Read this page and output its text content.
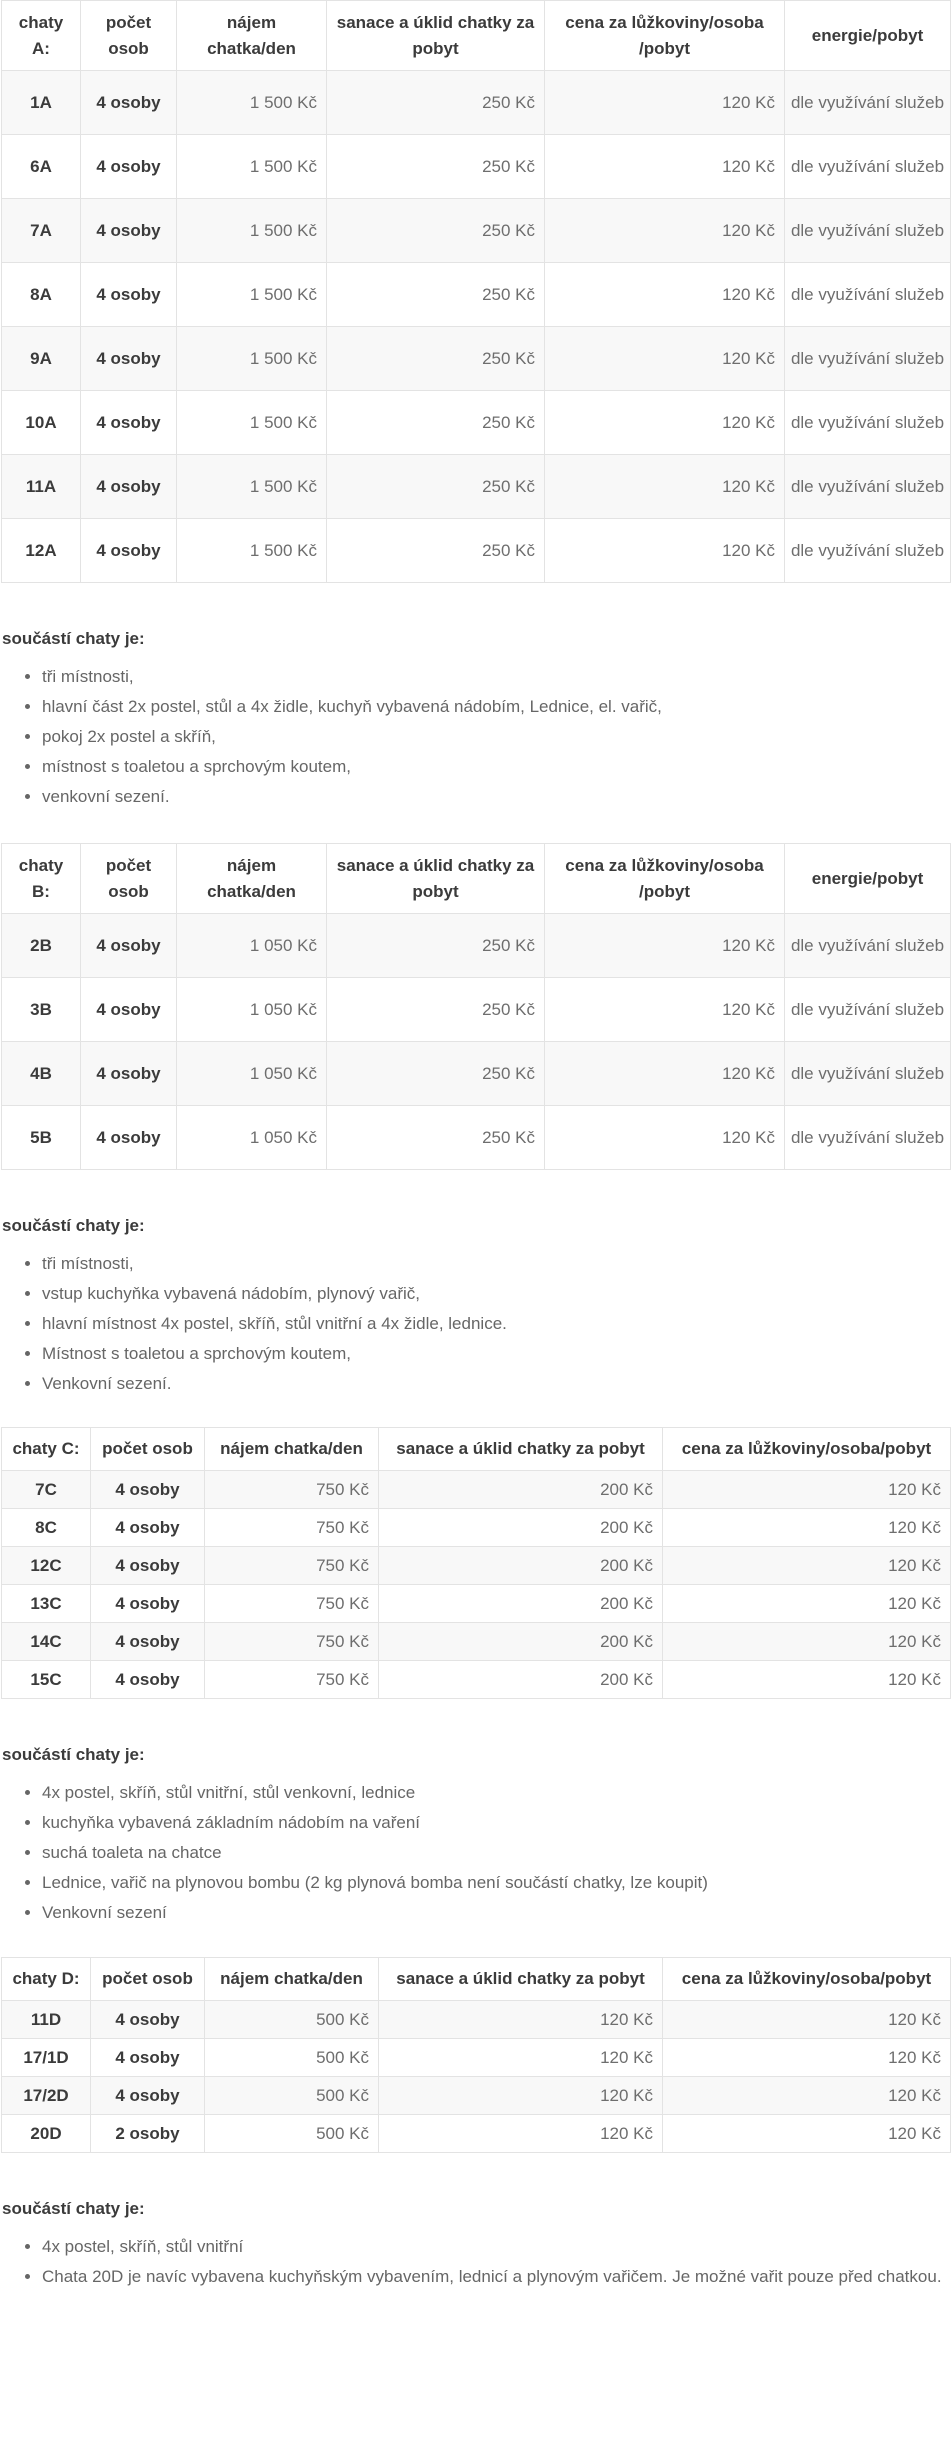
chaty A:	počet osob	nájem chatka/den	sanace a úklid chatky za pobyt	cena za lůžkoviny/osoba /pobyt	energie/pobyt
1A	4 osoby	1 500 Kč	250 Kč	120 Kč	dle využívání služeb
6A	4 osoby	1 500 Kč	250 Kč	120 Kč	dle využívání služeb
7A	4 osoby	1 500 Kč	250 Kč	120 Kč	dle využívání služeb
8A	4 osoby	1 500 Kč	250 Kč	120 Kč	dle využívání služeb
9A	4 osoby	1 500 Kč	250 Kč	120 Kč	dle využívání služeb
10A	4 osoby	1 500 Kč	250 Kč	120 Kč	dle využívání služeb
11A	4 osoby	1 500 Kč	250 Kč	120 Kč	dle využívání služeb
12A	4 osoby	1 500 Kč	250 Kč	120 Kč	dle využívání služeb
součástí chaty je:
• tři místnosti,
• hlavní část 2x postel, stůl a 4x židle, kuchyň vybavená nádobím, Lednice, el. vařič,
• pokoj 2x postel a skříň,
• místnost s toaletou a sprchovým koutem,
• venkovní sezení.
chaty B:	počet osob	nájem chatka/den	sanace a úklid chatky za pobyt	cena za lůžkoviny/osoba /pobyt	energie/pobyt
2B	4 osoby	1 050 Kč	250 Kč	120 Kč	dle využívání služeb
3B	4 osoby	1 050 Kč	250 Kč	120 Kč	dle využívání služeb
4B	4 osoby	1 050 Kč	250 Kč	120 Kč	dle využívání služeb
5B	4 osoby	1 050 Kč	250 Kč	120 Kč	dle využívání služeb
součástí chaty je:
• tři místnosti,
• vstup kuchyňka vybavená nádobím, plynový vařič,
• hlavní místnost 4x postel, skříň, stůl vnitřní a 4x židle, lednice.
• Místnost s toaletou a sprchovým koutem,
• Venkovní sezení.
chaty C:	počet osob	nájem chatka/den	sanace a úklid chatky za pobyt	cena za lůžkoviny/osoba/pobyt
7C	4 osoby	750 Kč	200 Kč	120 Kč
8C	4 osoby	750 Kč	200 Kč	120 Kč
12C	4 osoby	750 Kč	200 Kč	120 Kč
13C	4 osoby	750 Kč	200 Kč	120 Kč
14C	4 osoby	750 Kč	200 Kč	120 Kč
15C	4 osoby	750 Kč	200 Kč	120 Kč
součástí chaty je:
• 4x postel, skříň, stůl vnitřní, stůl venkovní, lednice
• kuchyňka vybavená základním nádobím na vaření
• suchá toaleta na chatce
• Lednice, vařič na plynovou bombu (2 kg plynová bomba není součástí chatky, lze koupit)
• Venkovní sezení
chaty D:	počet osob	nájem chatka/den	sanace a úklid chatky za pobyt	cena za lůžkoviny/osoba/pobyt
11D	4 osoby	500 Kč	120 Kč	120 Kč
17/1D	4 osoby	500 Kč	120 Kč	120 Kč
17/2D	4 osoby	500 Kč	120 Kč	120 Kč
20D	2 osoby	500 Kč	120 Kč	120 Kč
součástí chaty je:
• 4x postel, skříň, stůl vnitřní
• Chata 20D je navíc vybavena kuchyňským vybavením, lednicí a plynovým vařičem. Je možné vařit pouze před chatkou.
